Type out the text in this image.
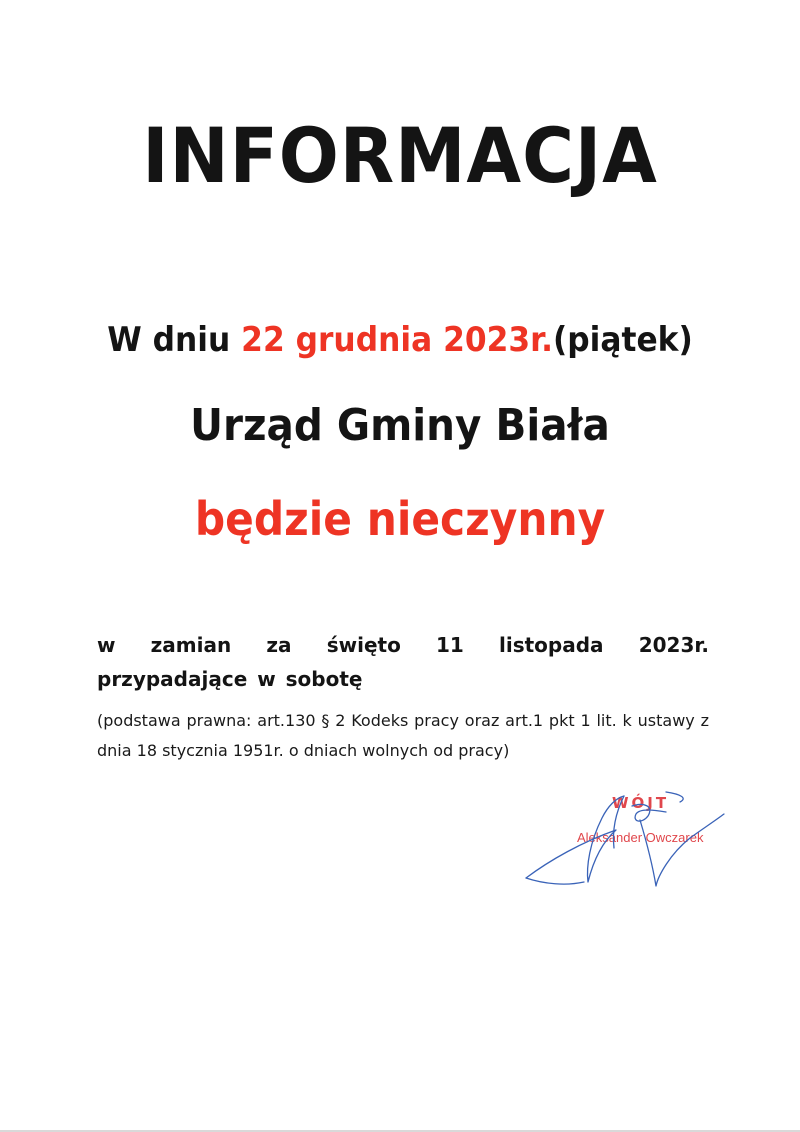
INFORMACJA
W dniu 22 grudnia 2023r.(piątek)
Urząd Gminy Biała
będzie nieczynny
w zamian za święto 11 listopada 2023r. przypadające w sobotę
(podstawa prawna: art.130 § 2 Kodeks pracy oraz art.1 pkt 1 lit. k ustawy z dnia 18 stycznia 1951r. o dniach wolnych od pracy)
WÓJT
Aleksander Owczarek
